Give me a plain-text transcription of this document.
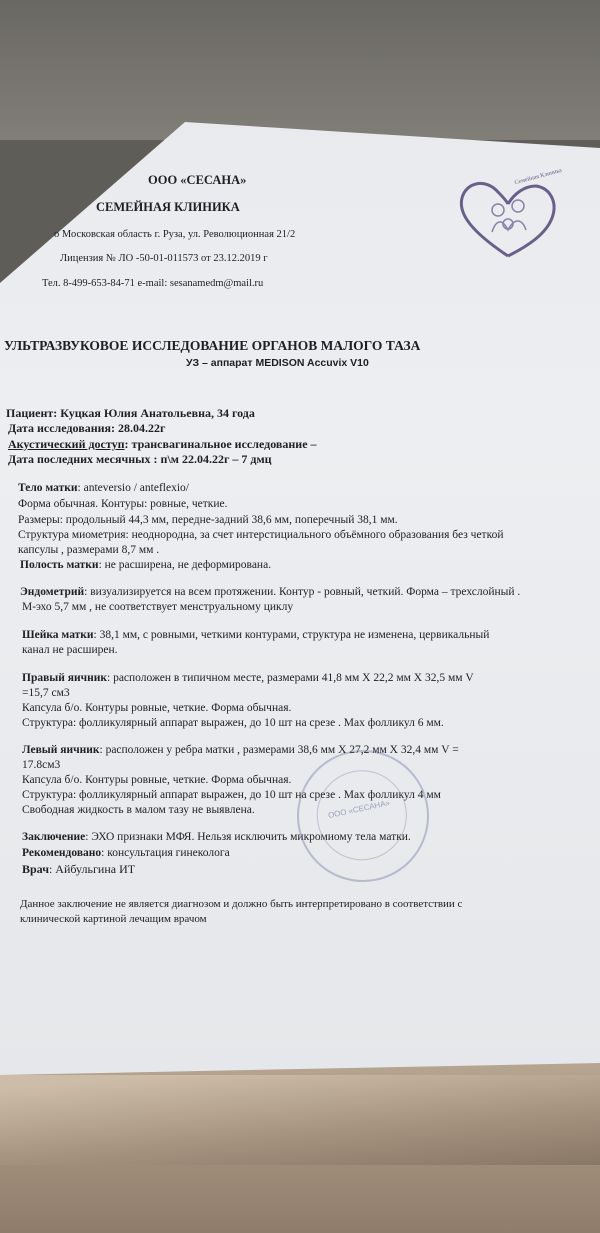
ООО «СЕСАНА»
СЕМЕЙНАЯ КЛИНИКА
о Московская область г. Руза, ул. Революционная 21/2
Лицензия № ЛО -50-01-011573 от 23.12.2019 г
Тел. 8-499-653-84-71 e-mail: sesanamedm@mail.ru
Семейная Клиника
УЛЬТРАЗВУКОВОЕ ИССЛЕДОВАНИЕ ОРГАНОВ МАЛОГО ТАЗА
УЗ – аппарат MEDISON Accuvix V10
Пациент: Куцкая Юлия Анатольевна, 34 года
Дата исследования: 28.04.22г
Акустический доступ: трансвагинальное исследование –
Дата последних месячных : п\м 22.04.22г – 7 дмц
Тело матки: anteversio / anteflexio/
Форма обычная. Контуры: ровные, четкие.
Размеры: продольный 44,3 мм, передне-задний 38,6 мм, поперечный 38,1 мм.
Структура миометрия: неоднородна, за счет интерстициального объёмного образования без четкой
капсулы , размерами 8,7 мм .
Полость матки: не расширена, не деформирована.
Эндометрий: визуализируется на всем протяжении. Контур - ровный, четкий. Форма – трехслойный .
М-эхо 5,7 мм , не соответствует менструальному циклу
Шейка матки: 38,1 мм, с ровными, четкими контурами, структура не изменена, цервикальный
канал не расширен.
Правый яичник: расположен в типичном месте, размерами 41,8 мм Х 22,2 мм Х 32,5 мм V
=15,7 см3
Капсула б/о. Контуры ровные, четкие. Форма обычная.
Структура: фолликулярный аппарат выражен, до 10 шт на срезе . Мах фолликул 6 мм.
Левый яичник: расположен у ребра матки , размерами 38,6 мм Х 27,2 мм Х 32,4 мм V =
17.8см3
Капсула б/о. Контуры ровные, четкие. Форма обычная.
Структура: фолликулярный аппарат выражен, до 10 шт на срезе . Мах фолликул 4 мм
Свободная жидкость в малом тазу не выявлена.
Заключение: ЭХО признаки МФЯ. Нельзя исключить микромиому тела матки.
Рекомендовано: консультация гинеколога
Врач: Айбульгина ИТ
ООО «СЕСАНА»
Данное заключение не является диагнозом и должно быть интерпретировано в соответствии с
клинической картиной лечащим врачом
